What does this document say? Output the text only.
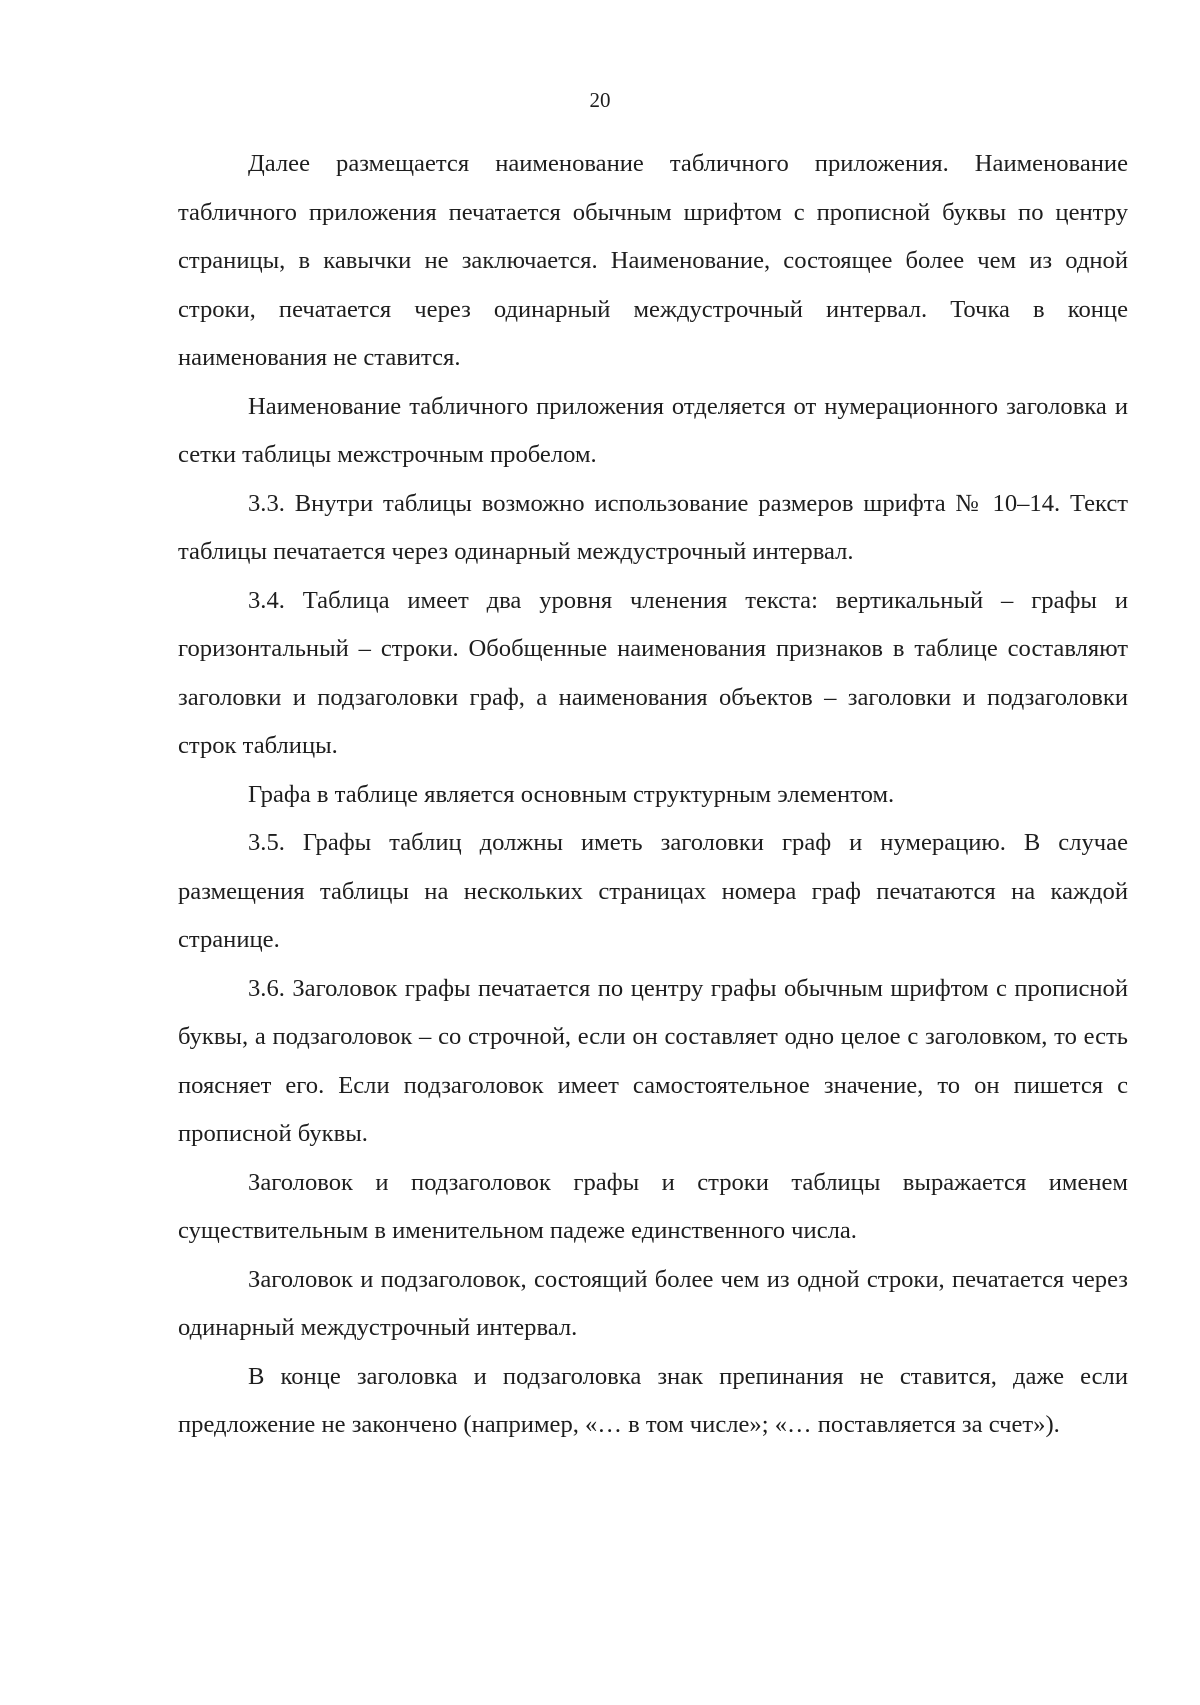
20

Далее размещается наименование табличного приложения. Наименование табличного приложения печатается обычным шрифтом с прописной буквы по центру страницы, в кавычки не заключается. Наименование, состоящее более чем из одной строки, печатается через одинарный междустрочный интервал. Точка в конце наименования не ставится.

Наименование табличного приложения отделяется от нумерационного заголовка и сетки таблицы межстрочным пробелом.

3.3. Внутри таблицы возможно использование размеров шрифта № 10–14. Текст таблицы печатается через одинарный междустрочный интервал.

3.4. Таблица имеет два уровня членения текста: вертикальный – графы и горизонтальный – строки. Обобщенные наименования признаков в таблице составляют заголовки и подзаголовки граф, а наименования объектов – заголовки и подзаголовки строк таблицы.

Графа в таблице является основным структурным элементом.

3.5. Графы таблиц должны иметь заголовки граф и нумерацию. В случае размещения таблицы на нескольких страницах номера граф печатаются на каждой странице.

3.6. Заголовок графы печатается по центру графы обычным шрифтом с прописной буквы, а подзаголовок – со строчной, если он составляет одно целое с заголовком, то есть поясняет его. Если подзаголовок имеет самостоятельное значение, то он пишется с прописной буквы.

Заголовок и подзаголовок графы и строки таблицы выражается именем существительным в именительном падеже единственного числа.

Заголовок и подзаголовок, состоящий более чем из одной строки, печатается через одинарный междустрочный интервал.

В конце заголовка и подзаголовка знак препинания не ставится, даже если предложение не закончено (например, «… в том числе»; «… поставляется за счет»).
